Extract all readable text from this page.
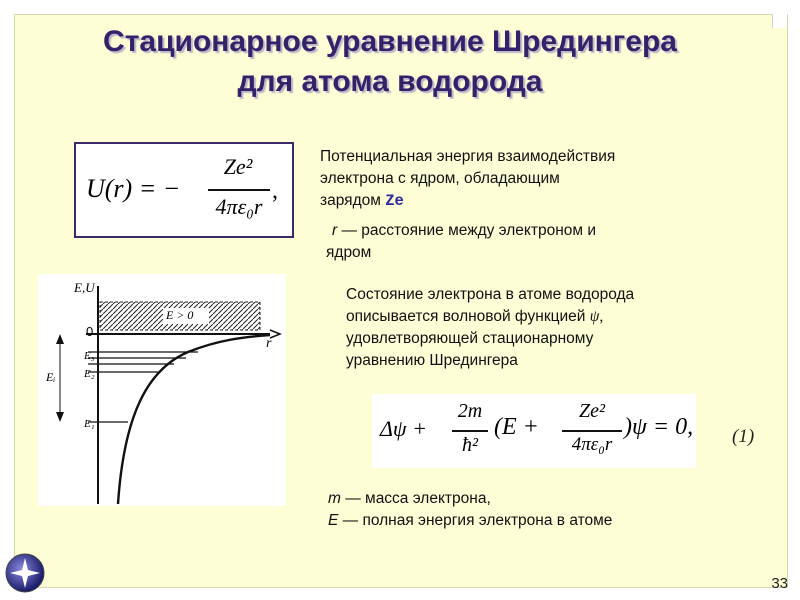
Стационарное уравнение Шредингера
для атома водорода
U(r) = −
Ze²
4πε₀r
,
Потенциальная энергия взаимодействия
электрона с ядром, обладающим
зарядом Ze
r — расстояние между электроном и
ядром
E,U
r
0
E > 0
E₃
E₂
E₁
Eᵢ
Состояние электрона в атоме водорода
описывается волновой функцией ψ,
удовлетворяющей стационарному
уравнению Шредингера
Δψ +
2m
ħ²
(E +
Ze²
4πε₀r
)ψ = 0, (1)
m — масса электрона,
E — полная энергия электрона в атоме
33
